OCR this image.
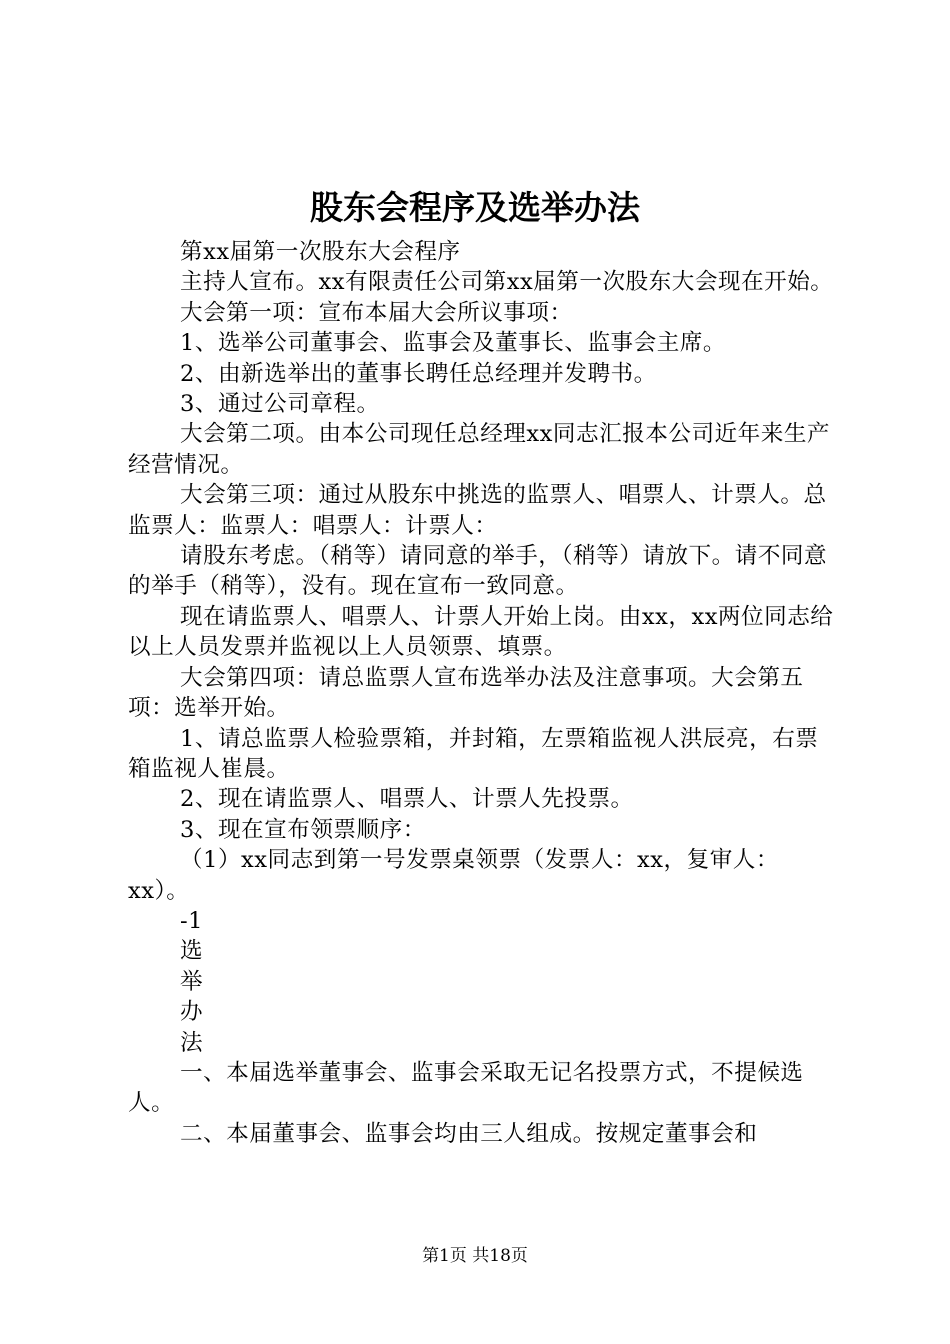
股东会程序及选举办法

第xx届第一次股东大会程序

主持人宣布。xx有限责任公司第xx届第一次股东大会现在开始。

大会第一项：宣布本届大会所议事项：

1、选举公司董事会、监事会及董事长、监事会主席。

2、由新选举出的董事长聘任总经理并发聘书。

3、通过公司章程。

大会第二项。由本公司现任总经理xx同志汇报本公司近年来生产经营情况。

大会第三项：通过从股东中挑选的监票人、唱票人、计票人。总监票人：监票人：唱票人：计票人：

请股东考虑。（稍等）请同意的举手，（稍等）请放下。请不同意的举手（稍等），没有。现在宣布一致同意。

现在请监票人、唱票人、计票人开始上岗。由xx，xx两位同志给以上人员发票并监视以上人员领票、填票。

大会第四项：请总监票人宣布选举办法及注意事项。大会第五项：选举开始。

1、请总监票人检验票箱，并封箱，左票箱监视人洪辰亮，右票箱监视人崔晨。

2、现在请监票人、唱票人、计票人先投票。

3、现在宣布领票顺序：

（1）xx同志到第一号发票桌领票（发票人：xx，复审人：xx）。

-1

选

举

办

法

一、本届选举董事会、监事会采取无记名投票方式，不提候选人。

二、本届董事会、监事会均由三人组成。按规定董事会和

第1页 共18页
